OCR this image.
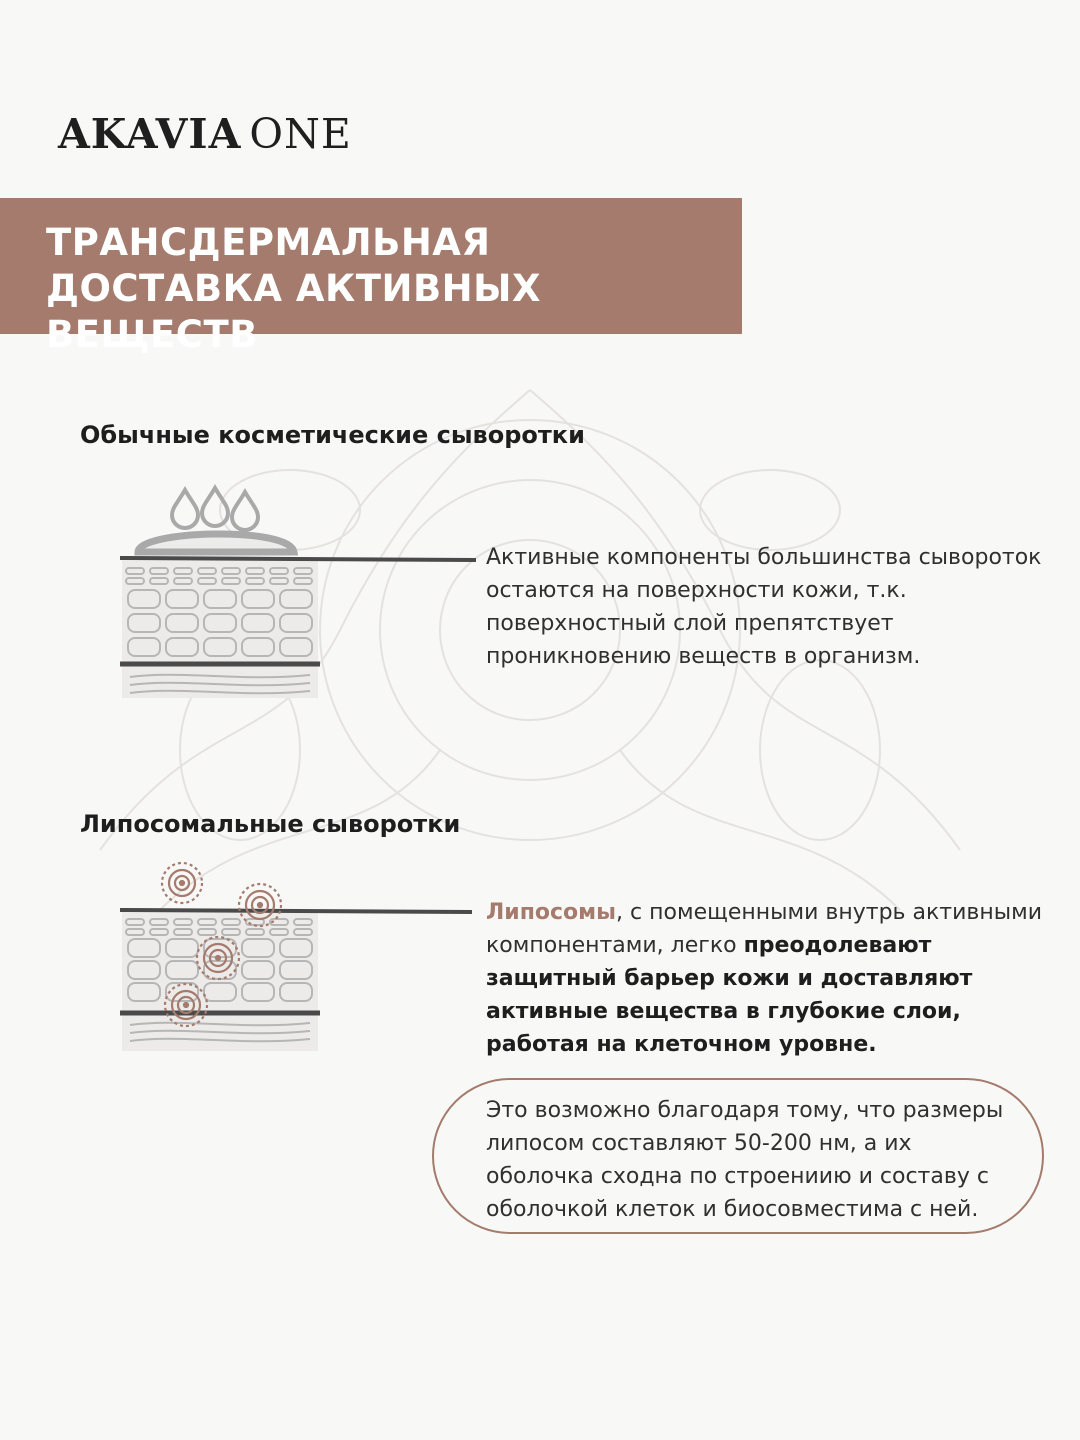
AKAVIA ONE
ТРАНСДЕРМАЛЬНАЯ ДОСТАВКА АКТИВНЫХ ВЕЩЕСТВ
Обычные косметические сыворотки
Активные компоненты большинства сывороток остаются на поверхности кожи, т.к. поверхностный слой препятствует проникновению веществ в организм.
Липосомальные сыворотки
Липосомы, с помещенными внутрь активными компонентами, легко преодолевают защитный барьер кожи и доставляют активные вещества в глубокие слои, работая на клеточном уровне.
Это возможно благодаря тому, что размеры липосом составляют 50-200 нм, а их оболочка сходна по строениию и составу с оболочкой клеток и биосовместима с ней.
